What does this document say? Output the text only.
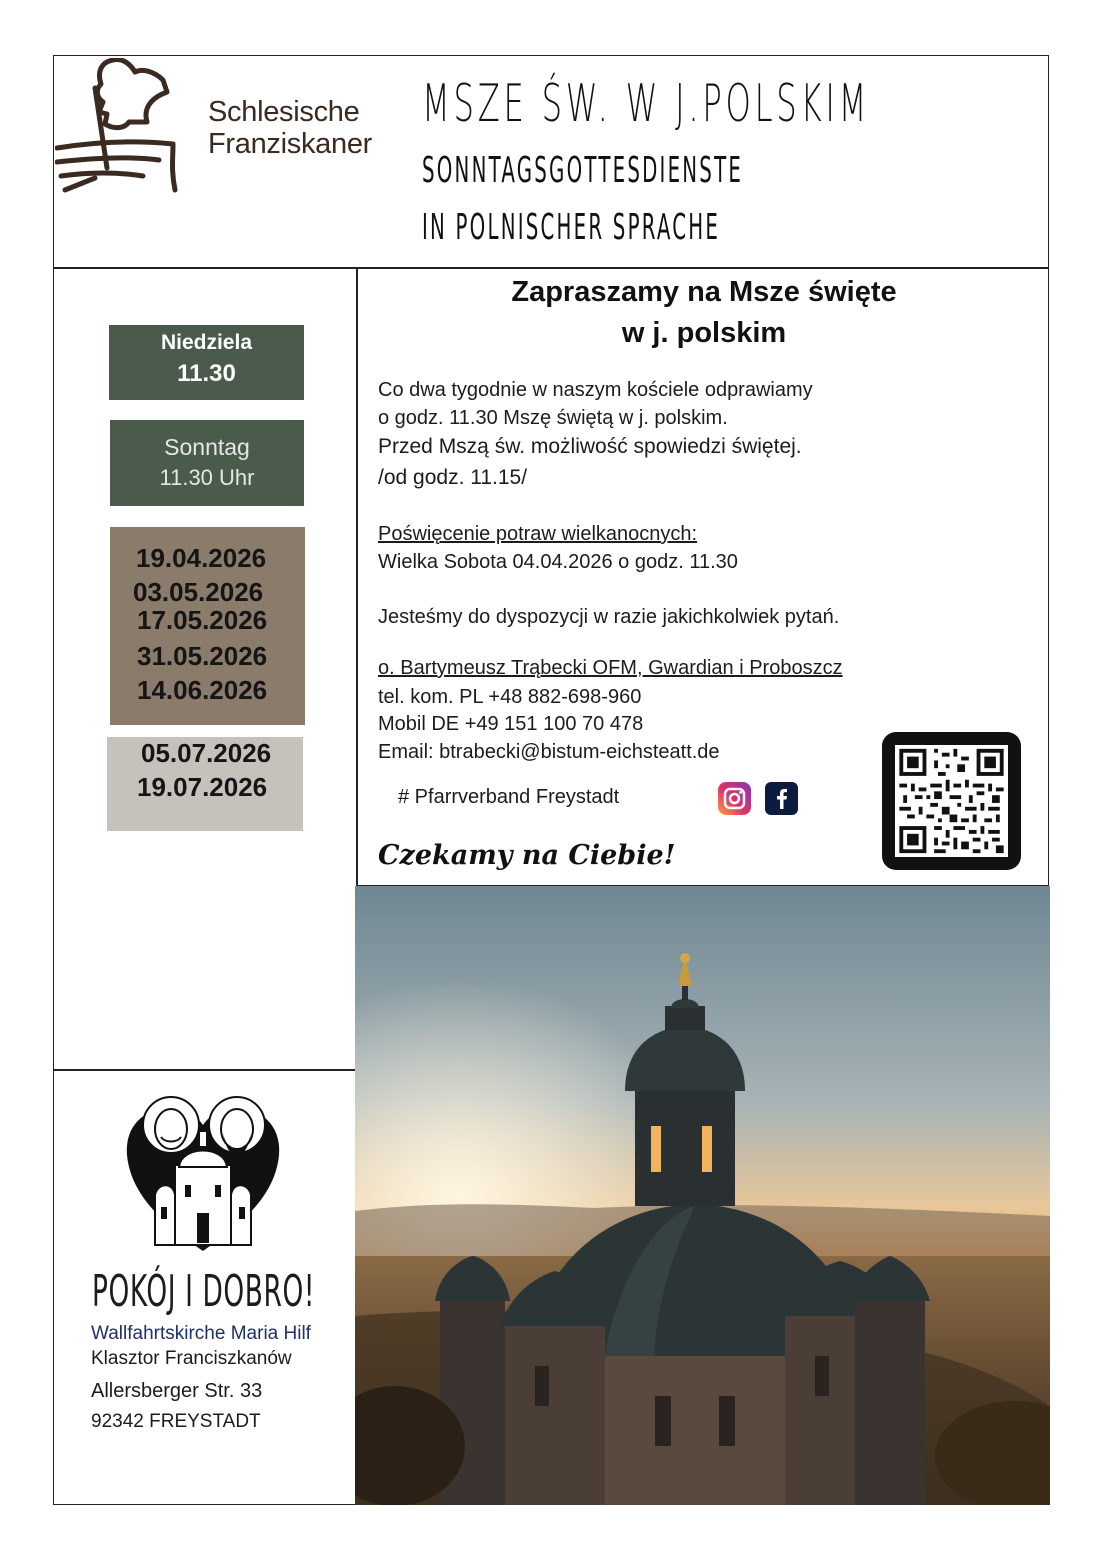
Schlesische
Franziskaner
MSZE ŚW. W J.POLSKIM
SONNTAGSGOTTESDIENSTE
IN POLNISCHER SPRACHE
Niedziela
11.30
Sonntag
11.30 Uhr
19.04.2026
03.05.2026
17.05.2026
31.05.2026
14.06.2026
05.07.2026
19.07.2026
Zapraszamy na Msze święte
w j. polskim
Co dwa tygodnie w naszym kościele odprawiamy
o godz. 11.30 Mszę świętą w j. polskim.
Przed Mszą św. możliwość spowiedzi świętej.
/od godz. 11.15/
Poświęcenie potraw wielkanocnych:
Wielka Sobota 04.04.2026 o godz. 11.30
Jesteśmy do dyspozycji w razie jakichkolwiek pytań.
o. Bartymeusz Trąbecki OFM, Gwardian i Proboszcz
tel. kom. PL +48 882-698-960
Mobil DE +49 151 100 70 478
Email: btrabecki@bistum-eichsteatt.de
# Pfarrverband Freystadt
Czekamy na Ciebie!
POKÓJ I DOBRO!
Wallfahrtskirche Maria Hilf
Klasztor Franciszkanów
Allersberger Str. 33
92342 FREYSTADT
